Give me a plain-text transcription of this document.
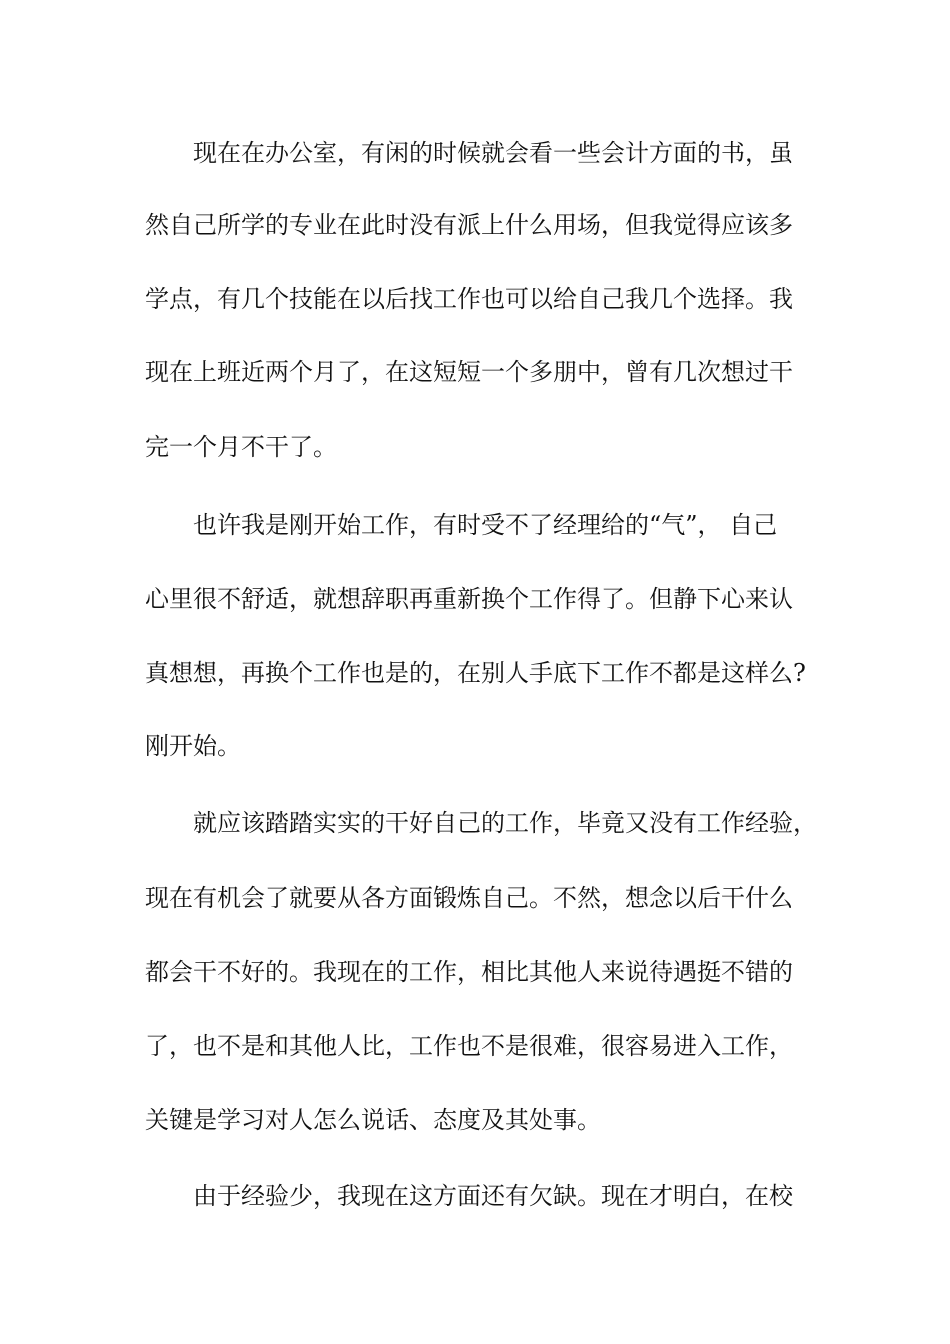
现在在办公室，有闲的时候就会看一些会计方面的书，虽
然自己所学的专业在此时没有派上什么用场，但我觉得应该多
学点，有几个技能在以后找工作也可以给自己我几个选择。我
现在上班近两个月了，在这短短一个多朋中，曾有几次想过干
完一个月不干了。
也许我是刚开始工作，有时受不了经理给的“气”， 自己
心里很不舒适，就想辞职再重新换个工作得了。但静下心来认
真想想，再换个工作也是的，在别人手底下工作不都是这样么?
刚开始。
就应该踏踏实实的干好自己的工作，毕竟又没有工作经验，
现在有机会了就要从各方面锻炼自己。不然，想念以后干什么
都会干不好的。我现在的工作，相比其他人来说待遇挺不错的
了，也不是和其他人比，工作也不是很难，很容易进入工作，
关键是学习对人怎么说话、态度及其处事。
由于经验少，我现在这方面还有欠缺。现在才明白，在校
